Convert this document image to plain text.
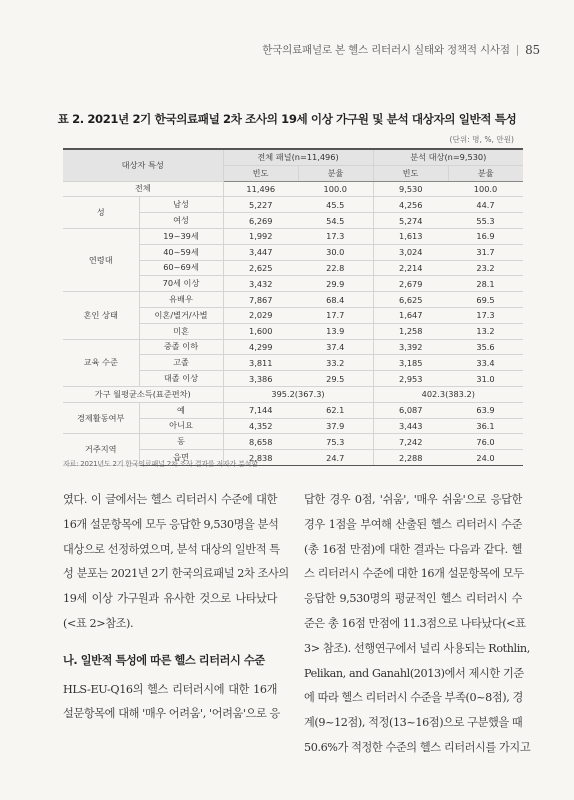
한국의료패널로 본 헬스 리터러시 실태와 정책적 시사점 | 85
표 2. 2021년 2기 한국의료패널 2차 조사의 19세 이상 가구원 및 분석 대상자의 일반적 특성
(단위: 명, %, 만원)
대상자 특성		전체 패널(n=11,496)		분석 대상(n=9,530)	
		빈도	분율	빈도	분율
전체		11,496	100.0	9,530	100.0
성	남성	5,227	45.5	4,256	44.7
	여성	6,269	54.5	5,274	55.3
연령대	19~39세	1,992	17.3	1,613	16.9
	40~59세	3,447	30.0	3,024	31.7
	60~69세	2,625	22.8	2,214	23.2
	70세 이상	3,432	29.9	2,679	28.1
혼인 상태	유배우	7,867	68.4	6,625	69.5
	이혼/별거/사별	2,029	17.7	1,647	17.3
	미혼	1,600	13.9	1,258	13.2
교육 수준	중졸 이하	4,299	37.4	3,392	35.6
	고졸	3,811	33.2	3,185	33.4
	대졸 이상	3,386	29.5	2,953	31.0
가구 월평균소득(표준편차)		395.2(367.3)		402.3(383.2)	
경제활동여부	예	7,144	62.1	6,087	63.9
	아니요	4,352	37.9	3,443	36.1
거주지역	동	8,658	75.3	7,242	76.0
	읍면	2,838	24.7	2,288	24.0
자료: 2021년도 2기 한국의료패널 2차 조사 결과를 저자가 분석함.
였다. 이 글에서는 헬스 리터러시 수준에 대한
16개 설문항목에 모두 응답한 9,530명을 분석
대상으로 선정하였으며, 분석 대상의 일반적 특
성 분포는 2021년 2기 한국의료패널 2차 조사의
19세 이상 가구원과 유사한 것으로 나타났다
(<표 2>참조).
나. 일반적 특성에 따른 헬스 리터러시 수준
HLS-EU-Q16의 헬스 리터러시에 대한 16개
설문항목에 대해 '매우 어려움', '어려움'으로 응
답한 경우 0점, '쉬움', '매우 쉬움'으로 응답한
경우 1점을 부여해 산출된 헬스 리터러시 수준
(총 16점 만점)에 대한 결과는 다음과 같다. 헬
스 리터러시 수준에 대한 16개 설문항목에 모두
응답한 9,530명의 평균적인 헬스 리터러시 수
준은 총 16점 만점에 11.3점으로 나타났다(<표
3> 참조). 선행연구에서 널리 사용되는 Rothlin,
Pelikan, and Ganahl(2013)에서 제시한 기준
에 따라 헬스 리터러시 수준을 부족(0~8점), 경
계(9~12점), 적정(13~16점)으로 구분했을 때
50.6%가 적정한 수준의 헬스 리터러시를 가지고
